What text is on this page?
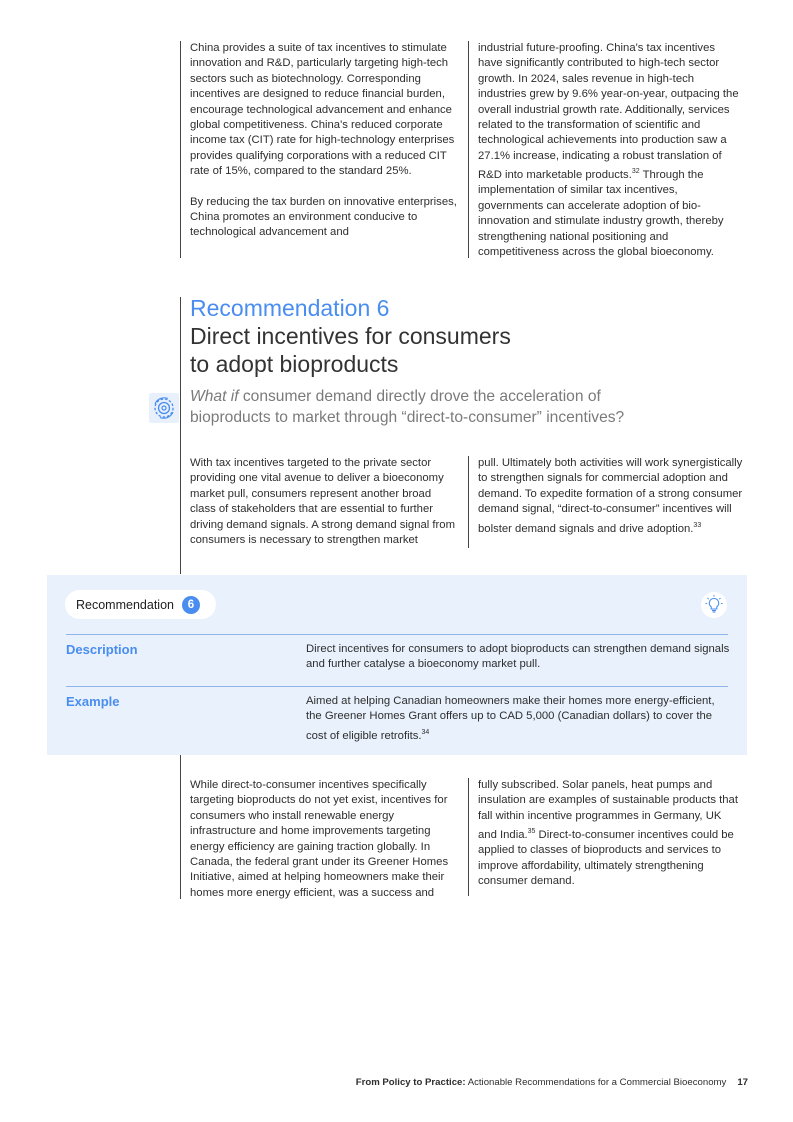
China provides a suite of tax incentives to stimulate innovation and R&D, particularly targeting high-tech sectors such as biotechnology. Corresponding incentives are designed to reduce financial burden, encourage technological advancement and enhance global competitiveness. China's reduced corporate income tax (CIT) rate for high-technology enterprises provides qualifying corporations with a reduced CIT rate of 15%, compared to the standard 25%.

By reducing the tax burden on innovative enterprises, China promotes an environment conducive to technological advancement and

industrial future-proofing. China's tax incentives have significantly contributed to high-tech sector growth. In 2024, sales revenue in high-tech industries grew by 9.6% year-on-year, outpacing the overall industrial growth rate. Additionally, services related to the transformation of scientific and technological achievements into production saw a 27.1% increase, indicating a robust translation of R&D into marketable products.$^{32}$ Through the implementation of similar tax incentives, governments can accelerate adoption of bio-innovation and stimulate industry growth, thereby strengthening national positioning and competitiveness across the global bioeconomy.

Recommendation 6
Direct incentives for consumers
to adopt bioproducts
What if consumer demand directly drove the acceleration of
bioproducts to market through “direct-to-consumer” incentives?

With tax incentives targeted to the private sector providing one vital avenue to deliver a bioeconomy market pull, consumers represent another broad class of stakeholders that are essential to further driving demand signals. A strong demand signal from consumers is necessary to strengthen market

pull. Ultimately both activities will work synergistically to strengthen signals for commercial adoption and demand. To expedite formation of a strong consumer demand signal, “direct-to-consumer” incentives will bolster demand signals and drive adoption.$^{33}$

Recommendation	6
Description	Direct incentives for consumers to adopt bioproducts can strengthen demand signals and further catalyse a bioeconomy market pull.
Example	Aimed at helping Canadian homeowners make their homes more energy-efficient, the Greener Homes Grant offers up to CAD 5,000 (Canadian dollars) to cover the cost of eligible retrofits.$^{34}$

While direct-to-consumer incentives specifically targeting bioproducts do not yet exist, incentives for consumers who install renewable energy infrastructure and home improvements targeting energy efficiency are gaining traction globally. In Canada, the federal grant under its Greener Homes Initiative, aimed at helping homeowners make their homes more energy efficient, was a success and

fully subscribed. Solar panels, heat pumps and insulation are examples of sustainable products that fall within incentive programmes in Germany, UK and India.$^{35}$ Direct-to-consumer incentives could be applied to classes of bioproducts and services to improve affordability, ultimately strengthening consumer demand.

From Policy to Practice: Actionable Recommendations for a Commercial Bioeconomy 17
